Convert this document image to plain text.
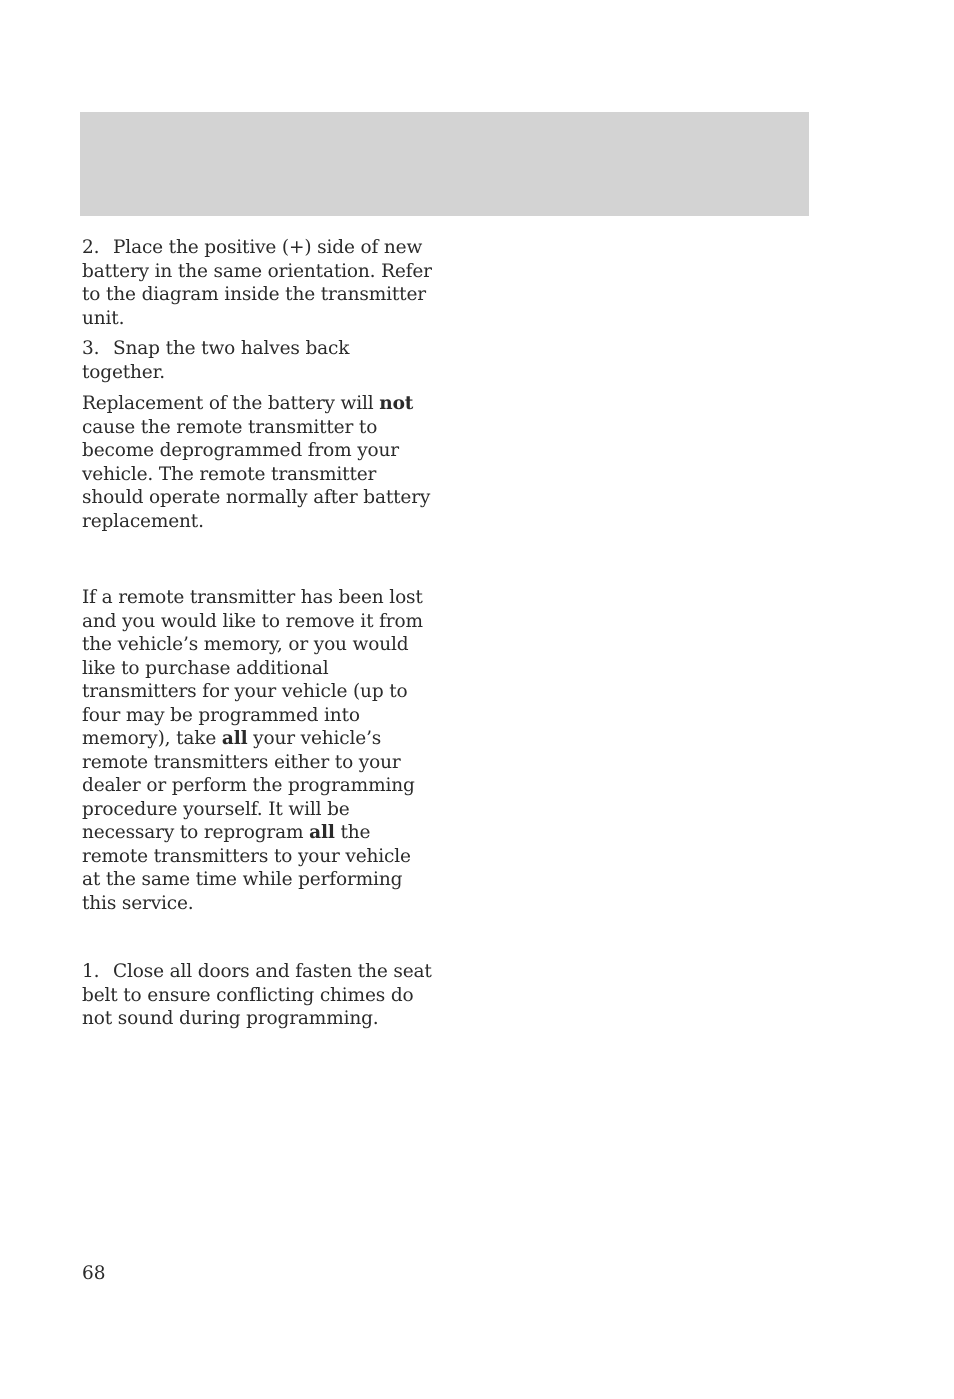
2. Place the positive (+) side of new battery in the same orientation. Refer to the diagram inside the transmitter unit.

3. Snap the two halves back together.

Replacement of the battery will not cause the remote transmitter to become deprogrammed from your vehicle. The remote transmitter should operate normally after battery replacement.

If a remote transmitter has been lost and you would like to remove it from the vehicle’s memory, or you would like to purchase additional transmitters for your vehicle (up to four may be programmed into memory), take all your vehicle’s remote transmitters either to your dealer or perform the programming procedure yourself. It will be necessary to reprogram all the remote transmitters to your vehicle at the same time while performing this service.

1. Close all doors and fasten the seat belt to ensure conflicting chimes do not sound during programming.

68
